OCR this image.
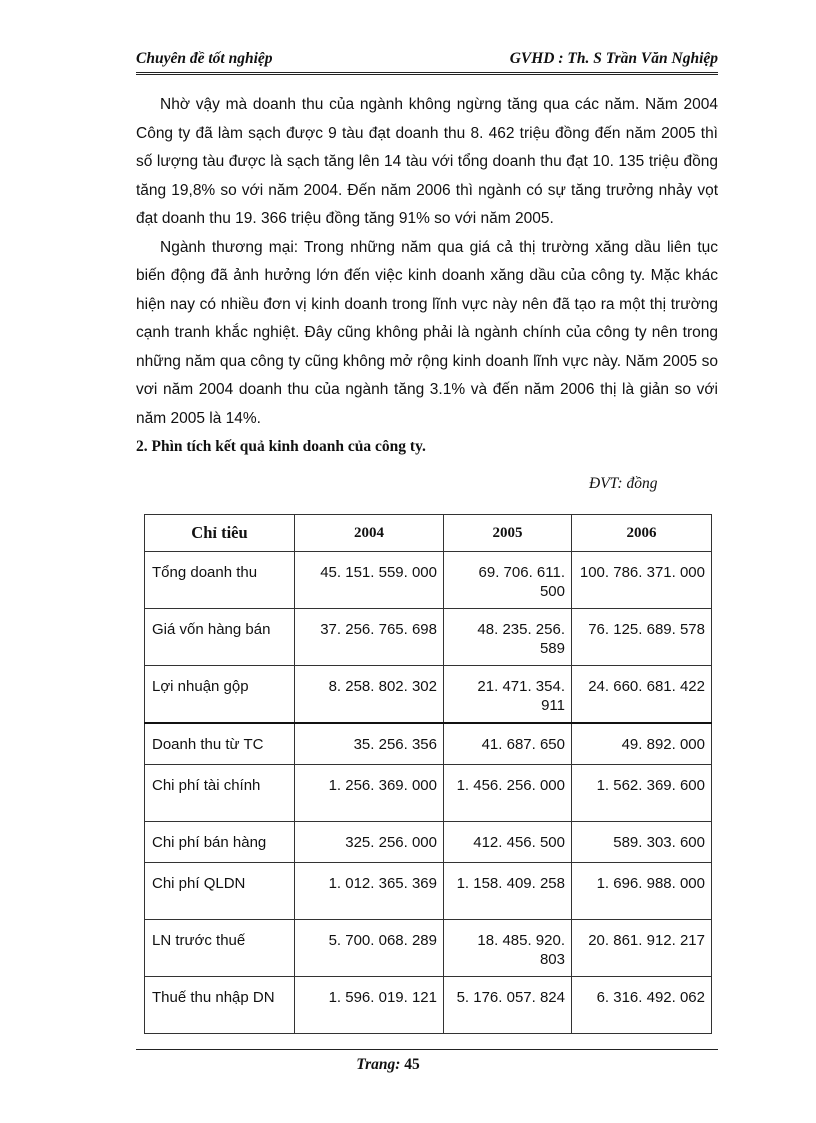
Chuyên đề tốt nghiệp	GVHD : Th. S Trần Văn Nghiệp

Nhờ vậy mà doanh thu của ngành không ngừng tăng qua các năm. Năm 2004 Công ty đã làm sạch được 9 tàu đạt doanh thu 8. 462 triệu đồng đến năm 2005 thì số lượng tàu được là sạch tăng lên 14 tàu với tổng doanh thu đạt 10. 135 triệu đồng tăng 19,8% so với năm 2004. Đến năm 2006 thì ngành có sự tăng trưởng nhảy vọt đạt doanh thu 19. 366 triệu đồng tăng 91% so với năm 2005.

Ngành thương mại: Trong những năm qua giá cả thị trường xăng dầu liên tục biến động đã ảnh hưởng lớn đến việc kinh doanh xăng dầu của công ty. Mặc khác hiện nay có nhiều đơn vị kinh doanh trong lĩnh vực này nên đã tạo ra một thị trường cạnh tranh khắc nghiệt. Đây cũng không phải là ngành chính của công ty nên trong những năm qua công ty cũng không mở rộng kinh doanh lĩnh vực này. Năm 2005 so vơi năm 2004 doanh thu của ngành tăng 3.1% và đến năm 2006 thị là giản so với năm 2005 là 14%.

2. Phìn tích kết quả kinh doanh của công ty.
ĐVT: đồng
Chỉ tiêu	2004	2005	2006
Tổng doanh thu	45. 151. 559. 000	69. 706. 611. 500	100. 786. 371. 000
Giá vốn hàng bán	37. 256. 765. 698	48. 235. 256. 589	76. 125. 689. 578
Lợi nhuận gộp	8. 258. 802. 302	21. 471. 354. 911	24. 660. 681. 422
Doanh thu từ TC	35. 256. 356	41. 687. 650	49. 892. 000
Chi phí tài chính	1. 256. 369. 000	1. 456. 256. 000	1. 562. 369. 600
Chi phí bán hàng	325. 256. 000	412. 456. 500	589. 303. 600
Chi phí QLDN	1. 012. 365. 369	1. 158. 409. 258	1. 696. 988. 000
LN trước thuế	5. 700. 068. 289	18. 485. 920. 803	20. 861. 912. 217
Thuế thu nhập DN	1. 596. 019. 121	5. 176. 057. 824	6. 316. 492. 062
Trang: 45
